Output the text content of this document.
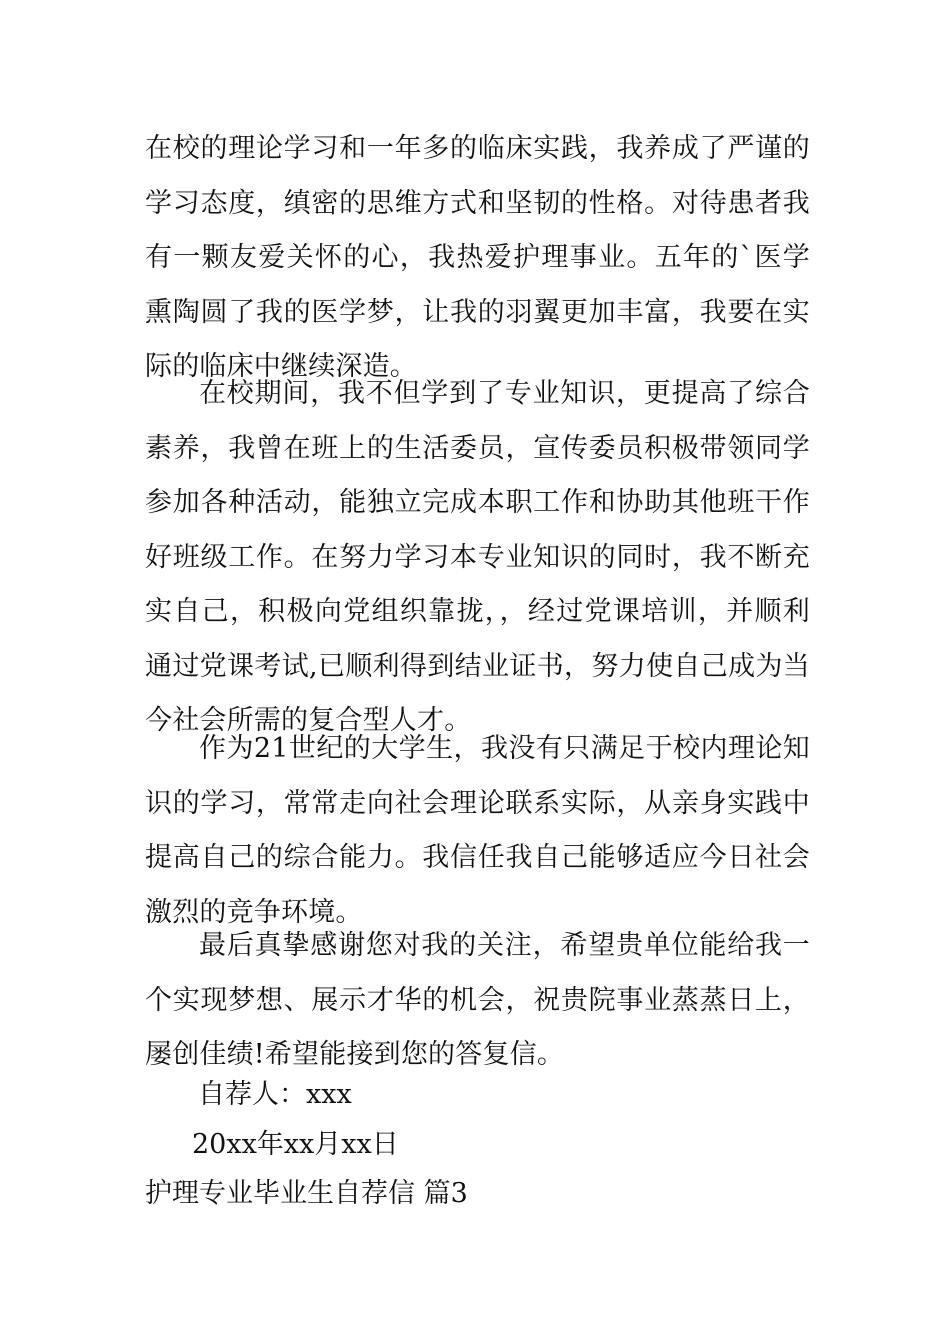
在校的理论学习和一年多的临床实践，我养成了严谨的学习态度，缜密的思维方式和坚韧的性格。对待患者我有一颗友爱关怀的心，我热爱护理事业。五年的`医学熏陶圆了我的医学梦，让我的羽翼更加丰富，我要在实际的临床中继续深造。
在校期间，我不但学到了专业知识，更提高了综合素养，我曾在班上的生活委员，宣传委员积极带领同学参加各种活动，能独立完成本职工作和协助其他班干作好班级工作。在努力学习本专业知识的同时，我不断充实自己，积极向党组织靠拢，，经过党课培训，并顺利通过党课考试,已顺利得到结业证书，努力使自己成为当今社会所需的复合型人才。
作为21世纪的大学生，我没有只满足于校内理论知识的学习，常常走向社会理论联系实际，从亲身实践中提高自己的综合能力。我信任我自己能够适应今日社会激烈的竞争环境。
最后真挚感谢您对我的关注，希望贵单位能给我一个实现梦想、展示才华的机会，祝贵院事业蒸蒸日上，屡创佳绩!希望能接到您的答复信。
自荐人：xxx
20xx年xx月xx日
护理专业毕业生自荐信 篇3
